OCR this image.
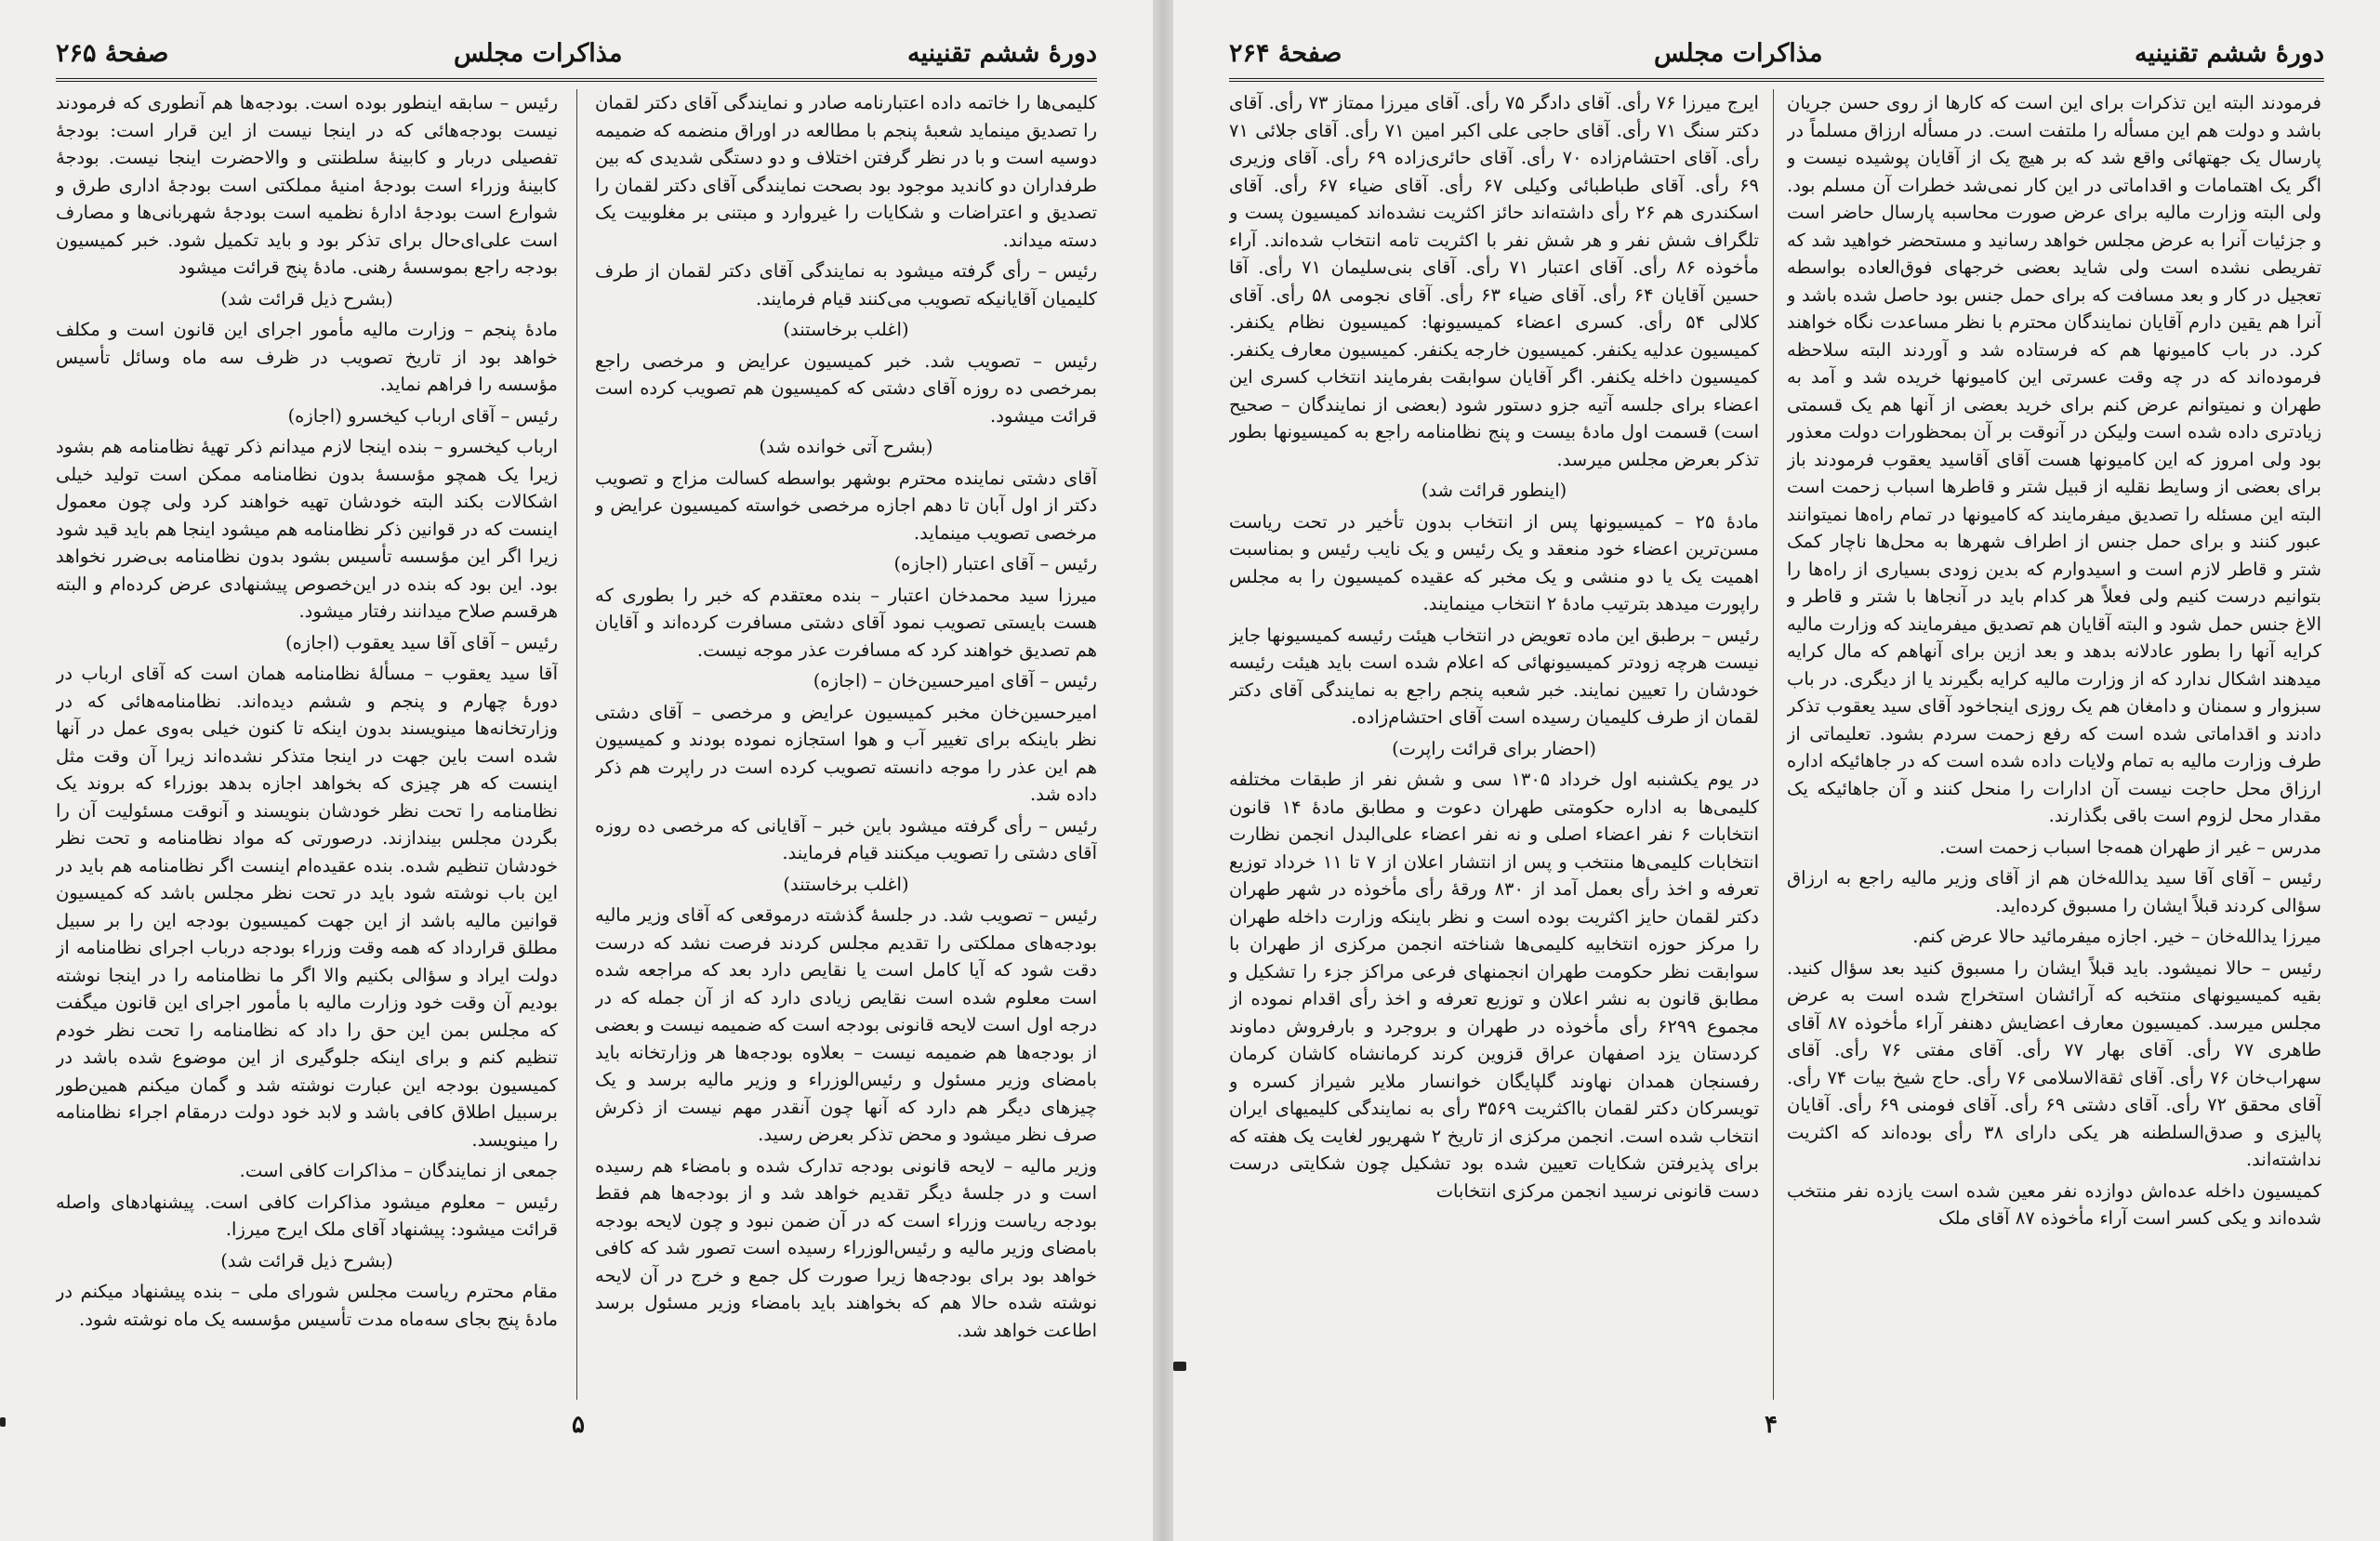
دورهٔ ششم تقنینیه
مذاکرات مجلس
صفحهٔ ۲۶۵

کلیمی‌ها را خاتمه داده اعتبارنامه صادر و نمایندگی آقای دکتر لقمان را تصدیق مینماید شعبهٔ پنجم با مطالعه در اوراق منضمه که ضمیمه دوسیه است و با در نظر گرفتن اختلاف و دو دستگی شدیدی که بین طرفداران دو کاندید موجود بود بصحت نمایندگی آقای دکتر لقمان را تصدیق و اعتراضات و شکایات را غیروارد و مبتنی بر مغلوبیت یک دسته میداند.

رئیس – رأی گرفته میشود به نمایندگی آقای دکتر لقمان از طرف کلیمیان آقایانیکه تصویب می‌کنند قیام فرمایند.

(اغلب برخاستند)

رئیس – تصویب شد. خبر کمیسیون عرایض و مرخصی راجع بمرخصی ده روزه آقای دشتی که کمیسیون هم تصویب کرده است قرائت میشود.

(بشرح آتی خوانده شد)

آقای دشتی نماینده محترم بوشهر بواسطه کسالت مزاج و تصویب دکتر از اول آبان تا دهم اجازه مرخصی خواسته کمیسیون عرایض و مرخصی تصویب مینماید.

رئیس – آقای اعتبار (اجازه)

میرزا سید محمدخان اعتبار – بنده معتقدم که خبر را بطوری که هست بایستی تصویب نمود آقای دشتی مسافرت کرده‌اند و آقایان هم تصدیق خواهند کرد که مسافرت عذر موجه نیست.

رئیس – آقای امیرحسین‌خان – (اجازه)

امیرحسین‌خان مخبر کمیسیون عرایض و مرخصی – آقای دشتی نظر باینکه برای تغییر آب و هوا استجازه نموده بودند و کمیسیون هم این عذر را موجه دانسته تصویب کرده است در راپرت هم ذکر داده شد.

رئیس – رأی گرفته میشود باین خبر – آقایانی که مرخصی ده روزه آقای دشتی را تصویب میکنند قیام فرمایند.

(اغلب برخاستند)

رئیس – تصویب شد. در جلسهٔ گذشته درموقعی که آقای وزیر مالیه بودجه‌های مملکتی را تقدیم مجلس کردند فرصت نشد که درست دقت شود که آیا کامل است یا نقایص دارد بعد که مراجعه شده است معلوم شده است نقایص زیادی دارد که از آن جمله که در درجه اول است لایحه قانونی بودجه است که ضمیمه نیست و بعضی از بودجه‌ها هم ضمیمه نیست – بعلاوه بودجه‌ها هر وزارتخانه باید بامضای وزیر مسئول و رئیس‌الوزراء و وزیر مالیه برسد و یک چیزهای دیگر هم دارد که آنها چون آنقدر مهم نیست از ذکرش صرف نظر میشود و محض تذکر بعرض رسید.

وزیر مالیه – لایحه قانونی بودجه تدارک شده و بامضاء هم رسیده است و در جلسهٔ دیگر تقدیم خواهد شد و از بودجه‌ها هم فقط بودجه ریاست وزراء است که در آن ضمن نبود و چون لایحه بودجه بامضای وزیر مالیه و رئیس‌الوزراء رسیده است تصور شد که کافی خواهد بود برای بودجه‌ها زیرا صورت کل جمع و خرج در آن لایحه نوشته شده حالا هم که بخواهند باید بامضاء وزیر مسئول برسد اطاعت خواهد شد.

رئیس – سابقه اینطور بوده است. بودجه‌ها هم آنطوری که فرمودند نیست بودجه‌هائی که در اینجا نیست از این قرار است: بودجهٔ تفصیلی دربار و کابینهٔ سلطنتی و والاحضرت اینجا نیست. بودجهٔ کابینهٔ وزراء است بودجهٔ امنیهٔ مملکتی است بودجهٔ اداری طرق و شوارع است بودجهٔ ادارهٔ نظمیه است بودجهٔ شهربانی‌ها و مصارف است علی‌ای‌حال برای تذکر بود و باید تکمیل شود. خبر کمیسیون بودجه راجع بموسسهٔ رهنی. مادهٔ پنج قرائت میشود

(بشرح ذیل قرائت شد)

مادهٔ پنجم – وزارت مالیه مأمور اجرای این قانون است و مکلف خواهد بود از تاریخ تصویب در ظرف سه ماه وسائل تأسیس مؤسسه را فراهم نماید.

رئیس – آقای ارباب کیخسرو (اجازه)

ارباب کیخسرو – بنده اینجا لازم میدانم ذکر تهیهٔ نظامنامه هم بشود زیرا یک همچو مؤسسهٔ بدون نظامنامه ممکن است تولید خیلی اشکالات بکند البته خودشان تهیه خواهند کرد ولی چون معمول اینست که در قوانین ذکر نظامنامه هم میشود اینجا هم باید قید شود زیرا اگر این مؤسسه تأسیس بشود بدون نظامنامه بی‌ضرر نخواهد بود. این بود که بنده در این‌خصوص پیشنهادی عرض کرده‌ام و البته هرقسم صلاح میدانند رفتار میشود.

رئیس – آقای آقا سید یعقوب (اجازه)

آقا سید یعقوب – مسألهٔ نظامنامه همان است که آقای ارباب در دورهٔ چهارم و پنجم و ششم دیده‌اند. نظامنامه‌هائی که در وزارتخانه‌ها مینویسند بدون اینکه تا کنون خیلی به‌وی عمل در آنها شده است باین جهت در اینجا متذکر نشده‌اند زیرا آن وقت مثل اینست که هر چیزی که بخواهد اجازه بدهد بوزراء که بروند یک نظامنامه را تحت نظر خودشان بنویسند و آنوقت مسئولیت آن را بگردن مجلس بیندازند. درصورتی که مواد نظامنامه و تحت نظر خودشان تنظیم شده. بنده عقیده‌ام اینست اگر نظامنامه هم باید در این باب نوشته شود باید در تحت نظر مجلس باشد که کمیسیون قوانین مالیه باشد از این جهت کمیسیون بودجه این را بر سبیل مطلق قرارداد که همه وقت وزراء بودجه درباب اجرای نظامنامه از دولت ایراد و سؤالی بکنیم والا اگر ما نظامنامه را در اینجا نوشته بودیم آن وقت خود وزارت مالیه با مأمور اجرای این قانون میگفت که مجلس بمن این حق را داد که نظامنامه را تحت نظر خودم تنظیم کنم و برای اینکه جلوگیری از این موضوع شده باشد در کمیسیون بودجه این عبارت نوشته شد و گمان میکنم همین‌طور برسبیل اطلاق کافی باشد و لابد خود دولت درمقام اجراء نظامنامه را مینویسد.

جمعی از نمایندگان – مذاکرات کافی است.

رئیس – معلوم میشود مذاکرات کافی است. پیشنهادهای واصله قرائت میشود: پیشنهاد آقای ملک ایرج میرزا.

(بشرح ذیل قرائت شد)

مقام محترم ریاست مجلس شورای ملی – بنده پیشنهاد میکنم در مادهٔ پنج بجای سه‌ماه مدت تأسیس مؤسسه یک ماه نوشته شود.

۵
دورهٔ ششم تقنینیه
مذاکرات مجلس
صفحهٔ ۲۶۴

فرمودند البته این تذکرات برای این است که کارها از روی حسن جریان باشد و دولت هم این مسأله را ملتفت است. در مسأله ارزاق مسلماً در پارسال یک جهتهائی واقع شد که بر هیچ یک از آقایان پوشیده نیست و اگر یک اهتمامات و اقداماتی در این کار نمی‌شد خطرات آن مسلم بود. ولی البته وزارت مالیه برای عرض صورت محاسبه پارسال حاضر است و جزئیات آنرا به عرض مجلس خواهد رسانید و مستحضر خواهید شد که تفریطی نشده است ولی شاید بعضی خرجهای فوق‌العاده بواسطه تعجیل در کار و بعد مسافت که برای حمل جنس بود حاصل شده باشد و آنرا هم یقین دارم آقایان نمایندگان محترم با نظر مساعدت نگاه خواهند کرد. در باب کامیونها هم که فرستاده شد و آوردند البته سلاحظه فرموده‌اند که در چه وقت عسرتی این کامیونها خریده شد و آمد به طهران و نمیتوانم عرض کنم برای خرید بعضی از آنها هم یک قسمتی زیادتری داده شده است ولیکن در آنوقت بر آن بمحظورات دولت معذور بود ولی امروز که این کامیونها هست آقای آقاسید یعقوب فرمودند باز برای بعضی از وسایط نقلیه از قبیل شتر و قاطر‌ها اسباب زحمت است البته این مسئله را تصدیق میفرمایند که کامیونها در تمام راه‌ها نمیتوانند عبور کنند و برای حمل جنس از اطراف شهرها به محل‌ها ناچار کمک شتر و قاطر لازم است و اسیدوارم که بدین زودی بسیاری از راه‌ها را بتوانیم درست کنیم ولی فعلاً هر کدام باید در آنجاها با شتر و قاطر و الاغ جنس حمل شود و البته آقایان هم تصدیق میفرمایند که وزارت مالیه کرایه آنها را بطور عادلانه بدهد و بعد ازین برای آنهاهم که مال کرایه میدهند اشکال ندارد که از وزارت مالیه کرایه بگیرند یا از دیگری. در باب سبزوار و سمنان و دامغان هم یک روزی اینجاخود آقای سید یعقوب تذکر دادند و اقداماتی شده است که رفع زحمت سردم بشود. تعلیماتی از طرف وزارت مالیه به تمام ولایات داده شده است که در جاهائیکه اداره ارزاق محل حاجت نیست آن ادارات را منحل کنند و آن جاهائیکه یک مقدار محل لزوم است باقی بگذارند.

مدرس – غیر از طهران همه‌جا اسباب زحمت است.

رئیس – آقای آقا سید یدالله‌خان هم از آقای وزیر مالیه راجع به ارزاق سؤالی کردند قبلاً ایشان را مسبوق کرده‌اید.

میرزا یدالله‌خان – خیر. اجازه میفرمائید حالا عرض کنم.

رئیس – حالا نمیشود. باید قبلاً ایشان را مسبوق کنید بعد سؤال کنید. بقیه کمیسیونهای منتخبه که آرائشان استخراج شده است به عرض مجلس میرسد. کمیسیون معارف اعضایش دهنفر آراء مأخوذه ۸۷ آقای طاهری ۷۷ رأی. آقای بهار ۷۷ رأی. آقای مفتی ۷۶ رأی. آقای سهراب‌خان ۷۶ رأی. آقای ثقة‌الاسلامی ۷۶ رأی. حاج شیخ بیات ۷۴ رأی. آقای محقق ۷۲ رأی. آقای دشتی ۶۹ رأی. آقای فومنی ۶۹ رأی. آقایان پالیزی و صدق‌السلطنه هر یکی دارای ۳۸ رأی بوده‌اند که اکثریت نداشته‌اند.

کمیسیون داخله عده‌اش دوازده نفر معین شده است یازده نفر منتخب شده‌اند و یکی کسر است آراء مأخوذه ۸۷ آقای ملک

ایرج میرزا ۷۶ رأی. آقای دادگر ۷۵ رأی. آقای میرزا ممتاز ۷۳ رأی. آقای دکتر سنگ ۷۱ رأی. آقای حاجی علی اکبر امین ۷۱ رأی. آقای جلائی ۷۱ رأی. آقای احتشام‌زاده ۷۰ رأی. آقای حائری‌زاده ۶۹ رأی. آقای وزیری ۶۹ رأی. آقای طباطبائی وکیلی ۶۷ رأی. آقای ضیاء ۶۷ رأی. آقای اسکندری هم ۲۶ رأی داشته‌اند حائز اکثریت نشده‌اند کمیسیون پست و تلگراف شش نفر و هر شش نفر با اکثریت تامه انتخاب شده‌اند. آراء مأخوذه ۸۶ رأی. آقای اعتبار ۷۱ رأی. آقای بنی‌سلیمان ۷۱ رأی. آقا حسین آقایان ۶۴ رأی. آقای ضیاء ۶۳ رأی. آقای نجومی ۵۸ رأی. آقای کلالی ۵۴ رأی. کسری اعضاء کمیسیونها: کمیسیون نظام یکنفر. کمیسیون عدلیه یکنفر. کمیسیون خارجه یکنفر. کمیسیون معارف یکنفر. کمیسیون داخله یکنفر. اگر آقایان سوابقت بفرمایند انتخاب کسری این اعضاء برای جلسه آتیه جزو دستور شود (بعضی از نمایندگان – صحیح است) قسمت اول مادهٔ بیست و پنج نظامنامه راجع به کمیسیونها بطور تذکر بعرض مجلس میرسد.

(اینطور قرائت شد)

مادهٔ ۲۵ – کمیسیونها پس از انتخاب بدون تأخیر در تحت ریاست مسن‌ترین اعضاء خود منعقد و یک رئیس و یک نایب رئیس و بمناسبت اهمیت یک یا دو منشی و یک مخبر که عقیده کمیسیون را به مجلس راپورت میدهد بترتیب مادهٔ ۲ انتخاب مینمایند.

رئیس – برطبق این ماده تعویض در انتخاب هیئت رئیسه کمیسیونها جایز نیست هرچه زودتر کمیسیونهائی که اعلام شده است باید هیئت رئیسه خودشان را تعیین نمایند. خبر شعبه پنجم راجع به نمایندگی آقای دکتر لقمان از طرف کلیمیان رسیده است آقای احتشام‌زاده.

(احضار برای قرائت راپرت)

در یوم یکشنبه اول خرداد ۱۳۰۵ سی و شش نفر از طبقات مختلفه کلیمی‌ها به اداره حکومتی طهران دعوت و مطابق مادهٔ ۱۴ قانون انتخابات ۶ نفر اعضاء اصلی و نه نفر اعضاء علی‌البدل انجمن نظارت انتخابات کلیمی‌ها منتخب و پس از انتشار اعلان از ۷ تا ۱۱ خرداد توزیع تعرفه و اخذ رأی بعمل آمد از ۸۳۰ ورقهٔ رأی مأخوذه در شهر طهران دکتر لقمان حایز اکثریت بوده است و نظر باینکه وزارت داخله طهران را مرکز حوزه انتخابیه کلیمی‌ها شناخته انجمن مرکزی از طهران با سوابقت نظر حکومت طهران انجمنهای فرعی مراکز جزء را تشکیل و مطابق قانون به نشر اعلان و توزیع تعرفه و اخذ رأی اقدام نموده از مجموع ۶۲۹۹ رأی مأخوذه در طهران و بروجرد و بارفروش دماوند کردستان یزد اصفهان عراق قزوین کرند کرمانشاه کاشان کرمان رفسنجان همدان نهاوند گلپایگان خوانسار ملایر شیراز کسره و تویسرکان دکتر لقمان بااکثریت ۳۵۶۹ رأی به نمایندگی کلیمیهای ایران انتخاب شده است. انجمن مرکزی از تاریخ ۲ شهریور لغایت یک هفته که برای پذیرفتن شکایات تعیین شده بود تشکیل چون شکایتی درست دست قانونی نرسید انجمن مرکزی انتخابات

۴
